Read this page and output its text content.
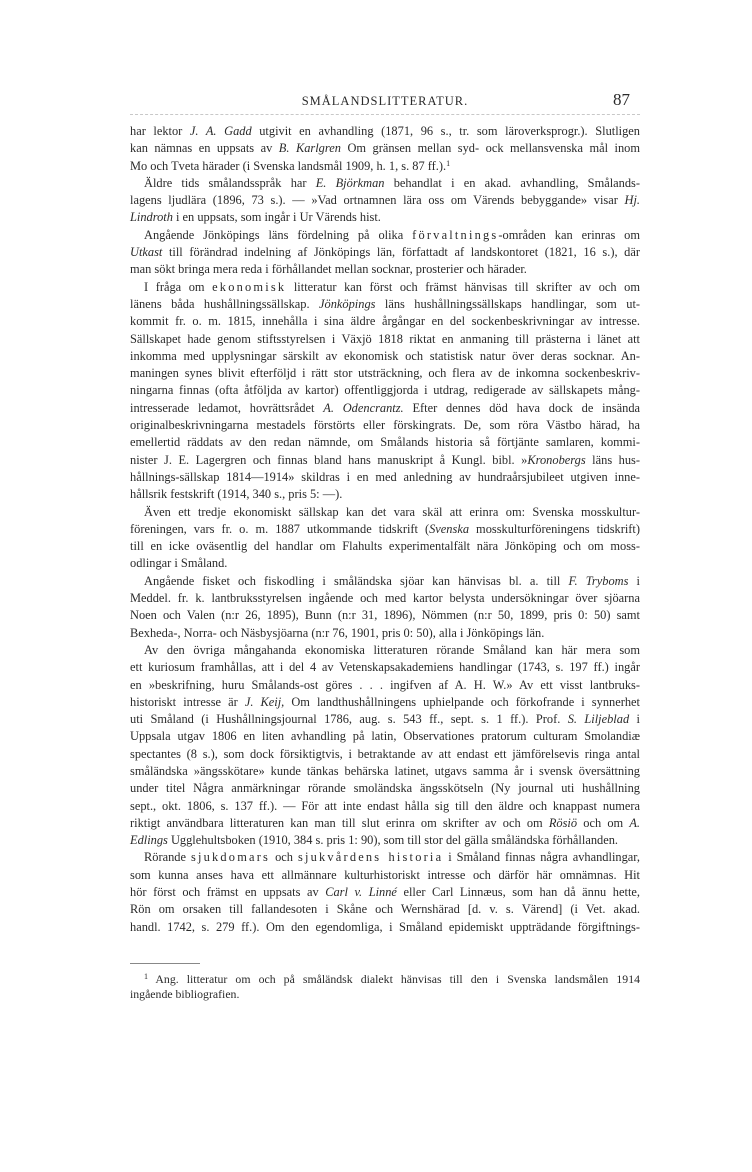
SMÅLANDSLITTERATUR.	87
har lektor J. A. Gadd utgivit en avhandling (1871, 96 s., tr. som läroverksprogr.). Slutligen
kan nämnas en uppsats av B. Karlgren Om gränsen mellan syd- ock mellansvenska mål inom
Mo och Tveta härader (i Svenska landsmål 1909, h. 1, s. 87 ff.).$^1$
Äldre tids smålandsspråk har E. Björkman behandlat i en akad. avhandling, Smålands-
lagens ljudlära (1896, 73 s.). — »Vad ortnamnen lära oss om Värends bebyggande» visar Hj.
Lindroth i en uppsats, som ingår i Ur Värends hist.
Angående Jönköpings läns fördelning på olika förvaltnings-områden kan erinras om
Utkast till förändrad indelning af Jönköpings län, författadt af landskontoret (1821, 16 s.), där
man sökt bringa mera reda i förhållandet mellan socknar, prosterier och härader.
I fråga om ekonomisk litteratur kan först och främst hänvisas till skrifter av och om
länens båda hushållningssällskap. Jönköpings läns hushållningssällskaps handlingar, som ut-
kommit fr. o. m. 1815, innehålla i sina äldre årgångar en del sockenbeskrivningar av intresse.
Sällskapet hade genom stiftsstyrelsen i Växjö 1818 riktat en anmaning till prästerna i länet att
inkomma med upplysningar särskilt av ekonomisk och statistisk natur över deras socknar. An-
maningen synes blivit efterföljd i rätt stor utsträckning, och flera av de inkomna sockenbeskriv-
ningarna finnas (ofta åtföljda av kartor) offentliggjorda i utdrag, redigerade av sällskapets mång-
intresserade ledamot, hovrättsrådet A. Odencrantz. Efter dennes död hava dock de insända
originalbeskrivningarna mestadels förstörts eller förskingrats. De, som röra Västbo härad, ha
emellertid räddats av den redan nämnde, om Smålands historia så förtjänte samlaren, kommi-
nister J. E. Lagergren och finnas bland hans manuskript å Kungl. bibl. »Kronobergs läns hus-
hållnings-sällskap 1814—1914» skildras i en med anledning av hundraårsjubileet utgiven inne-
hållsrik festskrift (1914, 340 s., pris 5: —).
Även ett tredje ekonomiskt sällskap kan det vara skäl att erinra om: Svenska mosskultur-
föreningen, vars fr. o. m. 1887 utkommande tidskrift (Svenska mosskulturföreningens tidskrift)
till en icke oväsentlig del handlar om Flahults experimentalfält nära Jönköping och om moss-
odlingar i Småland.
Angående fisket och fiskodling i småländska sjöar kan hänvisas bl. a. till F. Tryboms i
Meddel. fr. k. lantbruksstyrelsen ingående och med kartor belysta undersökningar över sjöarna
Noen och Valen (n:r 26, 1895), Bunn (n:r 31, 1896), Nömmen (n:r 50, 1899, pris 0: 50) samt
Bexheda-, Norra- och Näsbysjöarna (n:r 76, 1901, pris 0: 50), alla i Jönköpings län.
Av den övriga mångahanda ekonomiska litteraturen rörande Småland kan här mera som
ett kuriosum framhållas, att i del 4 av Vetenskapsakademiens handlingar (1743, s. 197 ff.) ingår
en »beskrifning, huru Smålands-ost göres . . . ingifven af A. H. W.» Av ett visst lantbruks-
historiskt intresse är J. Keij, Om landthushållningens uphielpande och förkofrande i synnerhet
uti Småland (i Hushållningsjournal 1786, aug. s. 543 ff., sept. s. 1 ff.). Prof. S. Liljeblad i
Uppsala utgav 1806 en liten avhandling på latin, Observationes pratorum culturam Smolandiæ
spectantes (8 s.), som dock försiktigtvis, i betraktande av att endast ett jämförelsevis ringa antal
småländska »ängsskötare» kunde tänkas behärska latinet, utgavs samma år i svensk översättning
under titel Några anmärkningar rörande smoländska ängsskötseln (Ny journal uti hushållning
sept., okt. 1806, s. 137 ff.). — För att inte endast hålla sig till den äldre och knappast numera
riktigt användbara litteraturen kan man till slut erinra om skrifter av och om Rösiö och om A.
Edlings Ugglehultsboken (1910, 384 s. pris 1: 90), som till stor del gälla småländska förhållanden.
Rörande sjukdomars och sjukvårdens historia i Småland finnas några avhandlingar,
som kunna anses hava ett allmännare kulturhistoriskt intresse och därför här omnämnas. Hit
hör först och främst en uppsats av Carl v. Linné eller Carl Linnæus, som han då ännu hette,
Rön om orsaken till fallandesoten i Skåne och Wernshärad [d. v. s. Värend] (i Vet. akad.
handl. 1742, s. 279 ff.). Om den egendomliga, i Småland epidemiskt uppträdande förgiftnings-
$^1$ Ang. litteratur om och på småländsk dialekt hänvisas till den i Svenska landsmålen 1914
ingående bibliografien.
